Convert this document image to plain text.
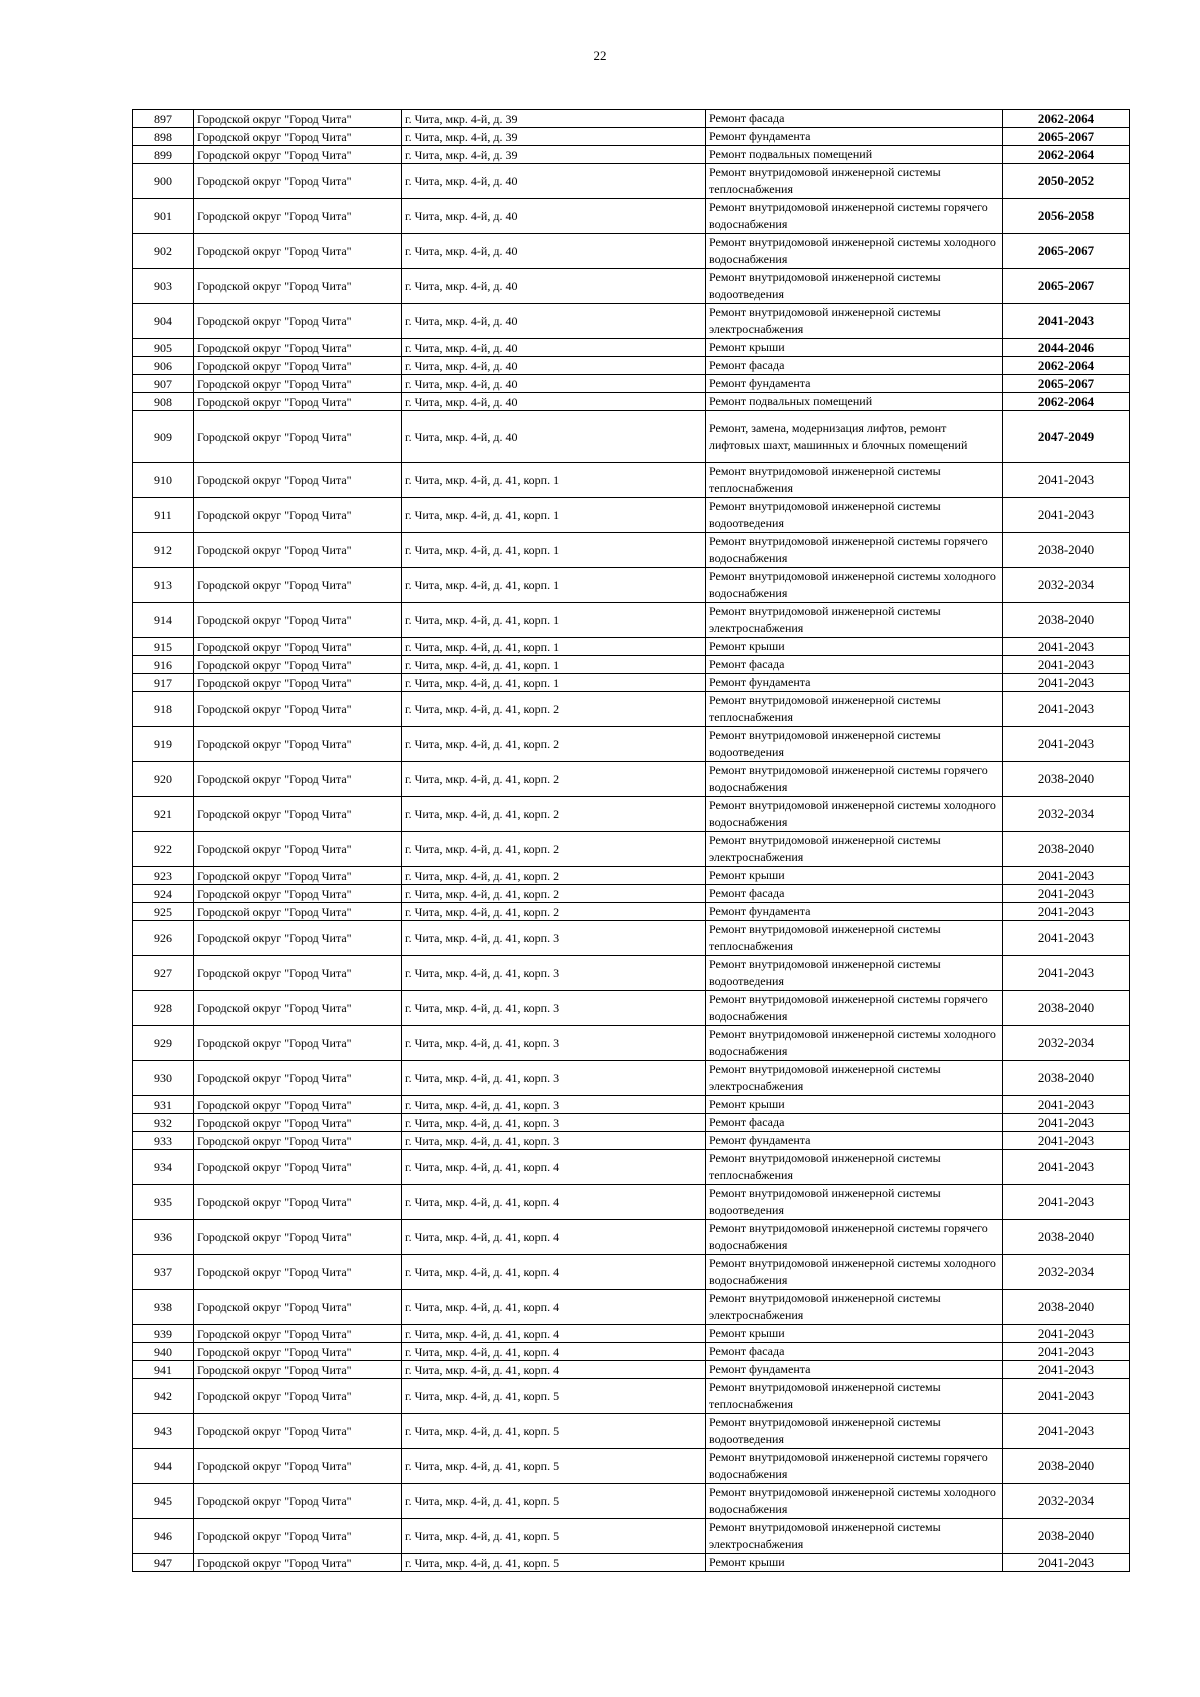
22
897	Городской округ "Город Чита"	г. Чита, мкр. 4-й, д. 39	Ремонт фасада	2062-2064
898	Городской округ "Город Чита"	г. Чита, мкр. 4-й, д. 39	Ремонт фундамента	2065-2067
899	Городской округ "Город Чита"	г. Чита, мкр. 4-й, д. 39	Ремонт подвальных помещений	2062-2064
900	Городской округ "Город Чита"	г. Чита, мкр. 4-й, д. 40	Ремонт внутридомовой инженерной системы теплоснабжения	2050-2052
901	Городской округ "Город Чита"	г. Чита, мкр. 4-й, д. 40	Ремонт внутридомовой инженерной системы горячего водоснабжения	2056-2058
902	Городской округ "Город Чита"	г. Чита, мкр. 4-й, д. 40	Ремонт внутридомовой инженерной системы холодного водоснабжения	2065-2067
903	Городской округ "Город Чита"	г. Чита, мкр. 4-й, д. 40	Ремонт внутридомовой инженерной системы водоотведения	2065-2067
904	Городской округ "Город Чита"	г. Чита, мкр. 4-й, д. 40	Ремонт внутридомовой инженерной системы электроснабжения	2041-2043
905	Городской округ "Город Чита"	г. Чита, мкр. 4-й, д. 40	Ремонт крыши	2044-2046
906	Городской округ "Город Чита"	г. Чита, мкр. 4-й, д. 40	Ремонт фасада	2062-2064
907	Городской округ "Город Чита"	г. Чита, мкр. 4-й, д. 40	Ремонт фундамента	2065-2067
908	Городской округ "Город Чита"	г. Чита, мкр. 4-й, д. 40	Ремонт подвальных помещений	2062-2064
909	Городской округ "Город Чита"	г. Чита, мкр. 4-й, д. 40	Ремонт, замена, модернизация лифтов, ремонт лифтовых шахт, машинных и блочных помещений	2047-2049
910	Городской округ "Город Чита"	г. Чита, мкр. 4-й, д. 41, корп. 1	Ремонт внутридомовой инженерной системы теплоснабжения	2041-2043
911	Городской округ "Город Чита"	г. Чита, мкр. 4-й, д. 41, корп. 1	Ремонт внутридомовой инженерной системы водоотведения	2041-2043
912	Городской округ "Город Чита"	г. Чита, мкр. 4-й, д. 41, корп. 1	Ремонт внутридомовой инженерной системы горячего водоснабжения	2038-2040
913	Городской округ "Город Чита"	г. Чита, мкр. 4-й, д. 41, корп. 1	Ремонт внутридомовой инженерной системы холодного водоснабжения	2032-2034
914	Городской округ "Город Чита"	г. Чита, мкр. 4-й, д. 41, корп. 1	Ремонт внутридомовой инженерной системы электроснабжения	2038-2040
915	Городской округ "Город Чита"	г. Чита, мкр. 4-й, д. 41, корп. 1	Ремонт крыши	2041-2043
916	Городской округ "Город Чита"	г. Чита, мкр. 4-й, д. 41, корп. 1	Ремонт фасада	2041-2043
917	Городской округ "Город Чита"	г. Чита, мкр. 4-й, д. 41, корп. 1	Ремонт фундамента	2041-2043
918	Городской округ "Город Чита"	г. Чита, мкр. 4-й, д. 41, корп. 2	Ремонт внутридомовой инженерной системы теплоснабжения	2041-2043
919	Городской округ "Город Чита"	г. Чита, мкр. 4-й, д. 41, корп. 2	Ремонт внутридомовой инженерной системы водоотведения	2041-2043
920	Городской округ "Город Чита"	г. Чита, мкр. 4-й, д. 41, корп. 2	Ремонт внутридомовой инженерной системы горячего водоснабжения	2038-2040
921	Городской округ "Город Чита"	г. Чита, мкр. 4-й, д. 41, корп. 2	Ремонт внутридомовой инженерной системы холодного водоснабжения	2032-2034
922	Городской округ "Город Чита"	г. Чита, мкр. 4-й, д. 41, корп. 2	Ремонт внутридомовой инженерной системы электроснабжения	2038-2040
923	Городской округ "Город Чита"	г. Чита, мкр. 4-й, д. 41, корп. 2	Ремонт крыши	2041-2043
924	Городской округ "Город Чита"	г. Чита, мкр. 4-й, д. 41, корп. 2	Ремонт фасада	2041-2043
925	Городской округ "Город Чита"	г. Чита, мкр. 4-й, д. 41, корп. 2	Ремонт фундамента	2041-2043
926	Городской округ "Город Чита"	г. Чита, мкр. 4-й, д. 41, корп. 3	Ремонт внутридомовой инженерной системы теплоснабжения	2041-2043
927	Городской округ "Город Чита"	г. Чита, мкр. 4-й, д. 41, корп. 3	Ремонт внутридомовой инженерной системы водоотведения	2041-2043
928	Городской округ "Город Чита"	г. Чита, мкр. 4-й, д. 41, корп. 3	Ремонт внутридомовой инженерной системы горячего водоснабжения	2038-2040
929	Городской округ "Город Чита"	г. Чита, мкр. 4-й, д. 41, корп. 3	Ремонт внутридомовой инженерной системы холодного водоснабжения	2032-2034
930	Городской округ "Город Чита"	г. Чита, мкр. 4-й, д. 41, корп. 3	Ремонт внутридомовой инженерной системы электроснабжения	2038-2040
931	Городской округ "Город Чита"	г. Чита, мкр. 4-й, д. 41, корп. 3	Ремонт крыши	2041-2043
932	Городской округ "Город Чита"	г. Чита, мкр. 4-й, д. 41, корп. 3	Ремонт фасада	2041-2043
933	Городской округ "Город Чита"	г. Чита, мкр. 4-й, д. 41, корп. 3	Ремонт фундамента	2041-2043
934	Городской округ "Город Чита"	г. Чита, мкр. 4-й, д. 41, корп. 4	Ремонт внутридомовой инженерной системы теплоснабжения	2041-2043
935	Городской округ "Город Чита"	г. Чита, мкр. 4-й, д. 41, корп. 4	Ремонт внутридомовой инженерной системы водоотведения	2041-2043
936	Городской округ "Город Чита"	г. Чита, мкр. 4-й, д. 41, корп. 4	Ремонт внутридомовой инженерной системы горячего водоснабжения	2038-2040
937	Городской округ "Город Чита"	г. Чита, мкр. 4-й, д. 41, корп. 4	Ремонт внутридомовой инженерной системы холодного водоснабжения	2032-2034
938	Городской округ "Город Чита"	г. Чита, мкр. 4-й, д. 41, корп. 4	Ремонт внутридомовой инженерной системы электроснабжения	2038-2040
939	Городской округ "Город Чита"	г. Чита, мкр. 4-й, д. 41, корп. 4	Ремонт крыши	2041-2043
940	Городской округ "Город Чита"	г. Чита, мкр. 4-й, д. 41, корп. 4	Ремонт фасада	2041-2043
941	Городской округ "Город Чита"	г. Чита, мкр. 4-й, д. 41, корп. 4	Ремонт фундамента	2041-2043
942	Городской округ "Город Чита"	г. Чита, мкр. 4-й, д. 41, корп. 5	Ремонт внутридомовой инженерной системы теплоснабжения	2041-2043
943	Городской округ "Город Чита"	г. Чита, мкр. 4-й, д. 41, корп. 5	Ремонт внутридомовой инженерной системы водоотведения	2041-2043
944	Городской округ "Город Чита"	г. Чита, мкр. 4-й, д. 41, корп. 5	Ремонт внутридомовой инженерной системы горячего водоснабжения	2038-2040
945	Городской округ "Город Чита"	г. Чита, мкр. 4-й, д. 41, корп. 5	Ремонт внутридомовой инженерной системы холодного водоснабжения	2032-2034
946	Городской округ "Город Чита"	г. Чита, мкр. 4-й, д. 41, корп. 5	Ремонт внутридомовой инженерной системы электроснабжения	2038-2040
947	Городской округ "Город Чита"	г. Чита, мкр. 4-й, д. 41, корп. 5	Ремонт крыши	2041-2043
